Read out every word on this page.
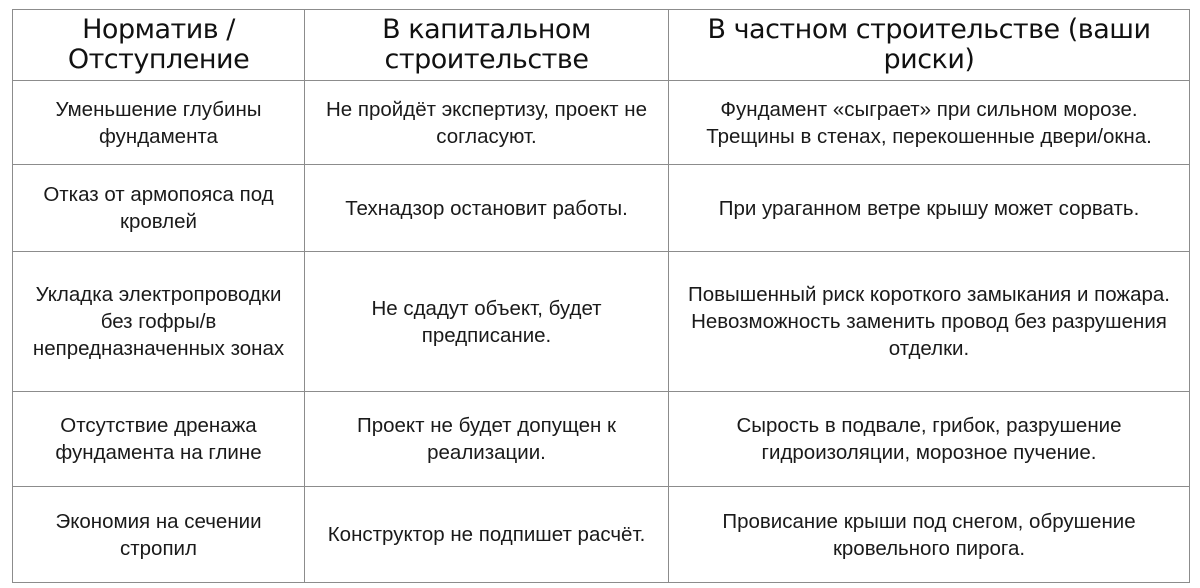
Норматив / Отступление	В капитальном строительстве	В частном строительстве (ваши риски)
Уменьшение глубины фундамента	Не пройдёт экспертизу, проект не согласуют.	Фундамент «сыграет» при сильном морозе. Трещины в стенах, перекошенные двери/окна.
Отказ от армопояса под кровлей	Технадзор остановит работы.	При ураганном ветре крышу может сорвать.
Укладка электропроводки без гофры/в непредназначенных зонах	Не сдадут объект, будет предписание.	Повышенный риск короткого замыкания и пожара. Невозможность заменить провод без разрушения отделки.
Отсутствие дренажа фундамента на глине	Проект не будет допущен к реализации.	Сырость в подвале, грибок, разрушение гидроизоляции, морозное пучение.
Экономия на сечении стропил	Конструктор не подпишет расчёт.	Провисание крыши под снегом, обрушение кровельного пирога.
